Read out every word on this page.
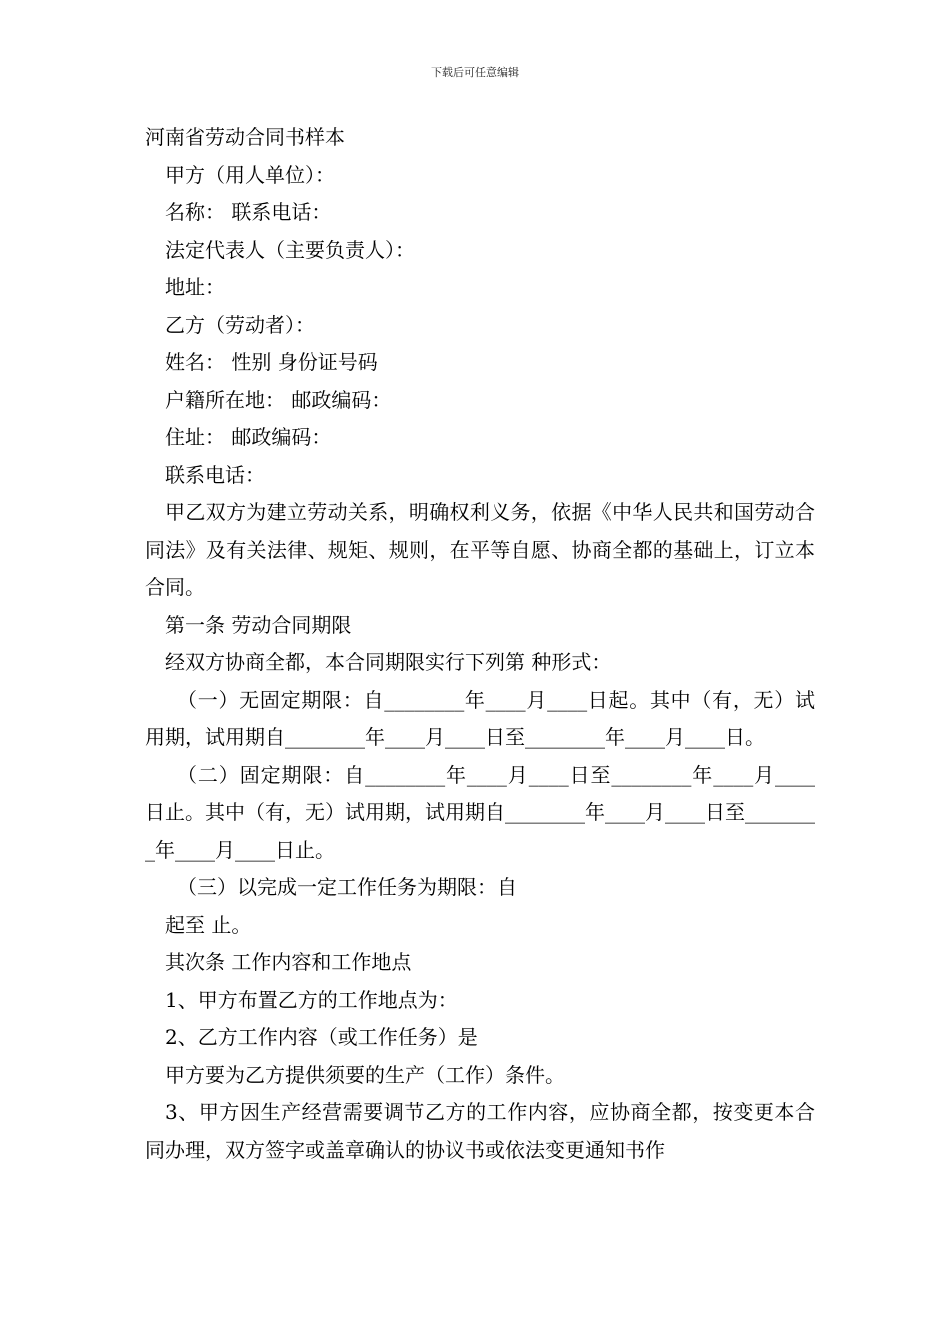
下载后可任意编辑
河南省劳动合同书样本
甲方（用人单位）：
名称： 联系电话：
法定代表人（主要负责人）：
地址：
乙方（劳动者）：
姓名： 性别 身份证号码
户籍所在地： 邮政编码：
住址： 邮政编码：
联系电话：
甲乙双方为建立劳动关系，明确权利义务，依据《中华人民共和国劳动合同法》及有关法律、规矩、规则，在平等自愿、协商全都的基础上，订立本合同。
第一条 劳动合同期限
经双方协商全都，本合同期限实行下列第 种形式：
（一）无固定期限：自________年____月____日起。其中（有，无）试用期，试用期自________年____月____日至________年____月____日。
（二）固定期限：自________年____月____日至________年____月____日止。其中（有，无）试用期，试用期自________年____月____日至________年____月____日止。
（三）以完成一定工作任务为期限：自
起至 止。
其次条 工作内容和工作地点
1、甲方布置乙方的工作地点为：
2、乙方工作内容（或工作任务）是
甲方要为乙方提供须要的生产（工作）条件。
3、甲方因生产经营需要调节乙方的工作内容，应协商全都，按变更本合同办理，双方签字或盖章确认的协议书或依法变更通知书作
